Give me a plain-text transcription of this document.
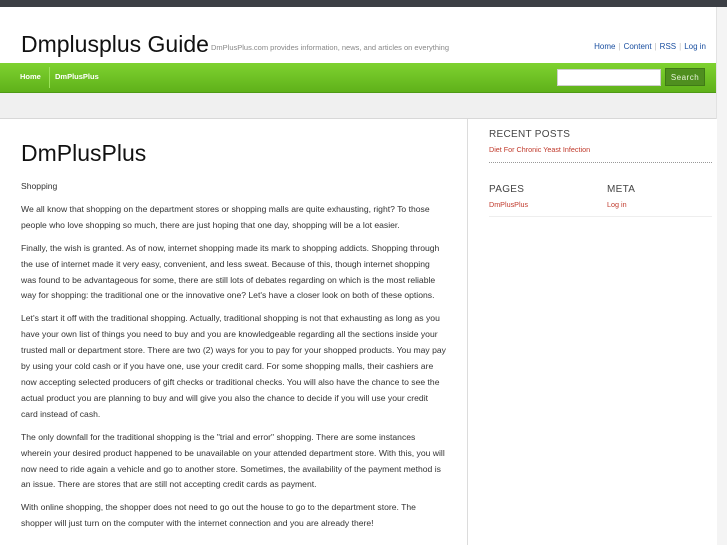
Dmplusplus Guide DmPlusPlus.com provides information, news, and articles on everything	Home | Content | RSS | Log in
Home DmPlusPlus	Search
DmPlusPlus

Shopping

We all know that shopping on the department stores or shopping malls are quite exhausting, right? To those people who love shopping so much, there are just hoping that one day, shopping will be a lot easier.

Finally, the wish is granted. As of now, internet shopping made its mark to shopping addicts. Shopping through the use of internet made it very easy, convenient, and less sweat. Because of this, though internet shopping was found to be advantageous for some, there are still lots of debates regarding on which is the most reliable way for shopping: the traditional one or the innovative one? Let's have a closer look on both of these options.

Let's start it off with the traditional shopping. Actually, traditional shopping is not that exhausting as long as you have your own list of things you need to buy and you are knowledgeable regarding all the sections inside your trusted mall or department store. There are two (2) ways for you to pay for your shopped products. You may pay by using your cold cash or if you have one, use your credit card. For some shopping malls, their cashiers are now accepting selected producers of gift checks or traditional checks. You will also have the chance to see the actual product you are planning to buy and will give you also the chance to decide if you will use your credit card instead of cash.

The only downfall for the traditional shopping is the "trial and error" shopping. There are some instances wherein your desired product happened to be unavailable on your attended department store. With this, you will now need to ride again a vehicle and go to another store. Sometimes, the availability of the payment method is an issue. There are stores that are still not accepting credit cards as payment.

With online shopping, the shopper does not need to go out the house to go to the department store. The shopper will just turn on the computer with the internet connection and you are already there!

RECENT POSTS
Diet For Chronic Yeast Infection
PAGES
DmPlusPlus
META
Log in
